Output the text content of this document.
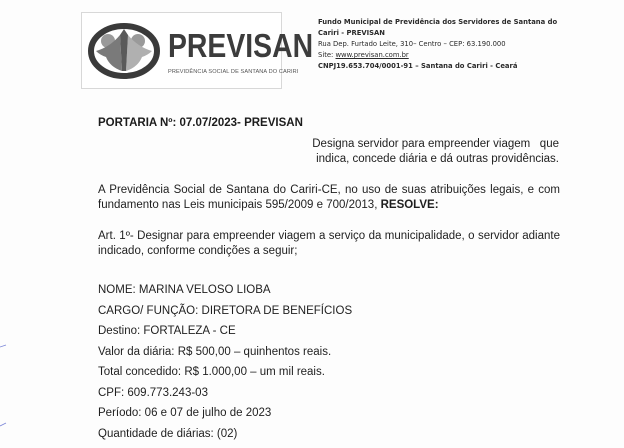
PREVISAN
PREVIDÊNCIA SOCIAL DE SANTANA DO CARIRI
Fundo Municipal de Previdência dos Servidores de Santana do
Cariri - PREVISAN
Rua Dep. Furtado Leite, 310– Centro – CEP: 63.190.000
Site: www.previsan.com.br
CNPJ19.653.704/0001-91 – Santana do Cariri - Ceará
PORTARIA Nº: 07.07/2023- PREVISAN
Designa servidor para empreender viagem   que
indica, concede diária e dá outras providências.
A Previdência Social de Santana do Cariri-CE, no uso de suas atribuições legais, e com fundamento nas Leis municipais 595/2009 e 700/2013, RESOLVE:
Art. 1º- Designar para empreender viagem a serviço da municipalidade, o servidor adiante indicado, conforme condições a seguir;
NOME: MARINA VELOSO LIOBA
CARGO/ FUNÇÃO: DIRETORA DE BENEFÍCIOS
Destino: FORTALEZA - CE
Valor da diária: R$ 500,00 – quinhentos reais.
Total concedido: R$ 1.000,00 – um mil reais.
CPF: 609.773.243-03
Período: 06 e 07 de julho de 2023
Quantidade de diárias: (02)
